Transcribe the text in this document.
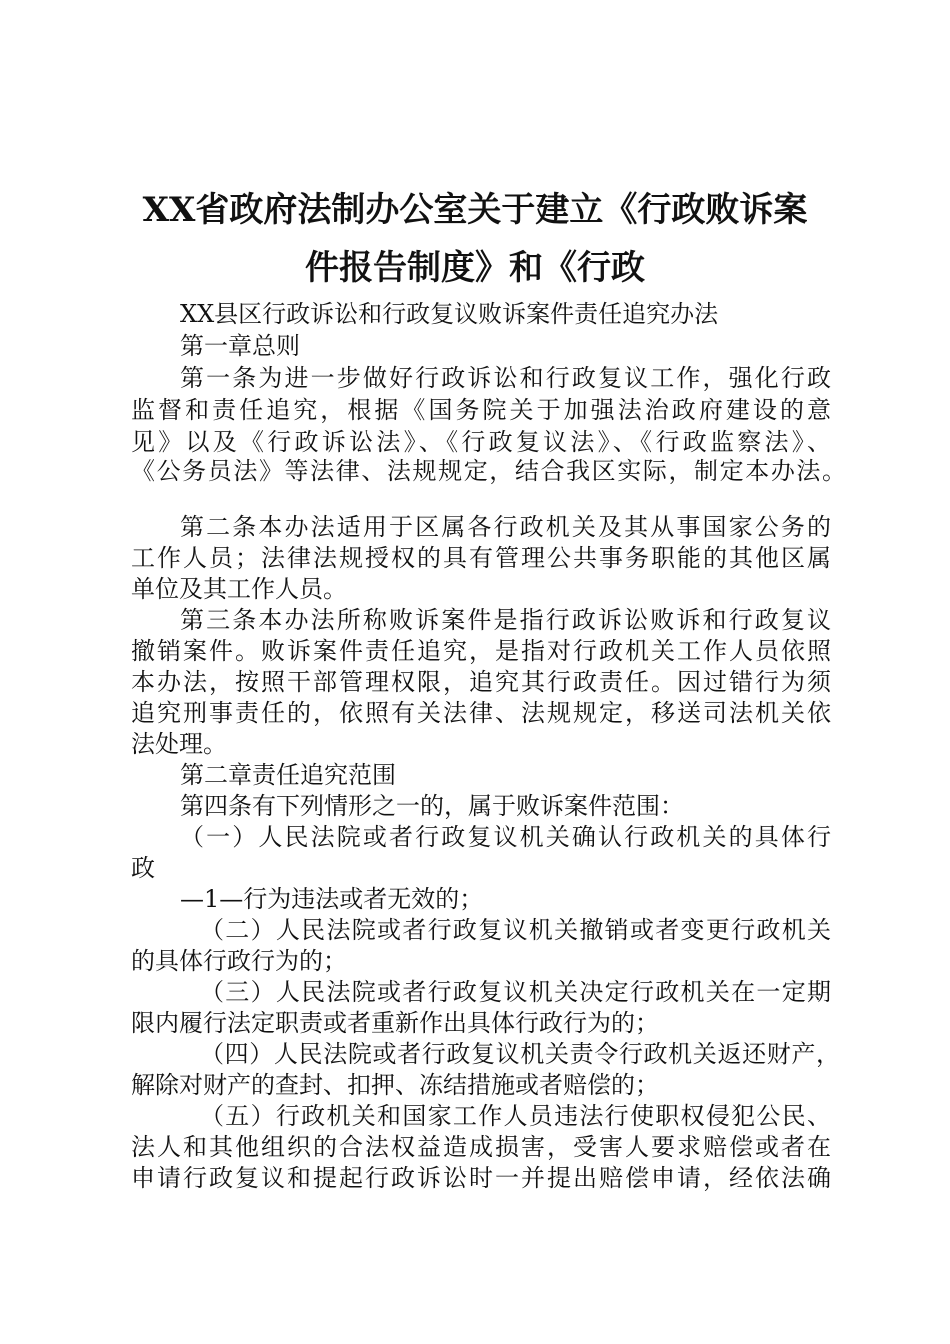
XX省政府法制办公室关于建立《行政败诉案
件报告制度》和《行政
XX县区行政诉讼和行政复议败诉案件责任追究办法
第一章总则
第一条为进一步做好行政诉讼和行政复议工作，强化行政
监督和责任追究，根据《国务院关于加强法治政府建设的意
见》以及《行政诉讼法》、《行政复议法》、《行政监察法》、
《公务员法》等法律、法规规定，结合我区实际，制定本办法。
第二条本办法适用于区属各行政机关及其从事国家公务的
工作人员；法律法规授权的具有管理公共事务职能的其他区属
单位及其工作人员。
第三条本办法所称败诉案件是指行政诉讼败诉和行政复议
撤销案件。败诉案件责任追究，是指对行政机关工作人员依照
本办法，按照干部管理权限，追究其行政责任。因过错行为须
追究刑事责任的，依照有关法律、法规规定，移送司法机关依
法处理。
第二章责任追究范围
第四条有下列情形之一的，属于败诉案件范围：
（一）人民法院或者行政复议机关确认行政机关的具体行
政
—1—行为违法或者无效的；
（二）人民法院或者行政复议机关撤销或者变更行政机关
的具体行政行为的；
（三）人民法院或者行政复议机关决定行政机关在一定期
限内履行法定职责或者重新作出具体行政行为的；
（四）人民法院或者行政复议机关责令行政机关返还财产，
解除对财产的查封、扣押、冻结措施或者赔偿的；
（五）行政机关和国家工作人员违法行使职权侵犯公民、
法人和其他组织的合法权益造成损害，受害人要求赔偿或者在
申请行政复议和提起行政诉讼时一并提出赔偿申请，经依法确
